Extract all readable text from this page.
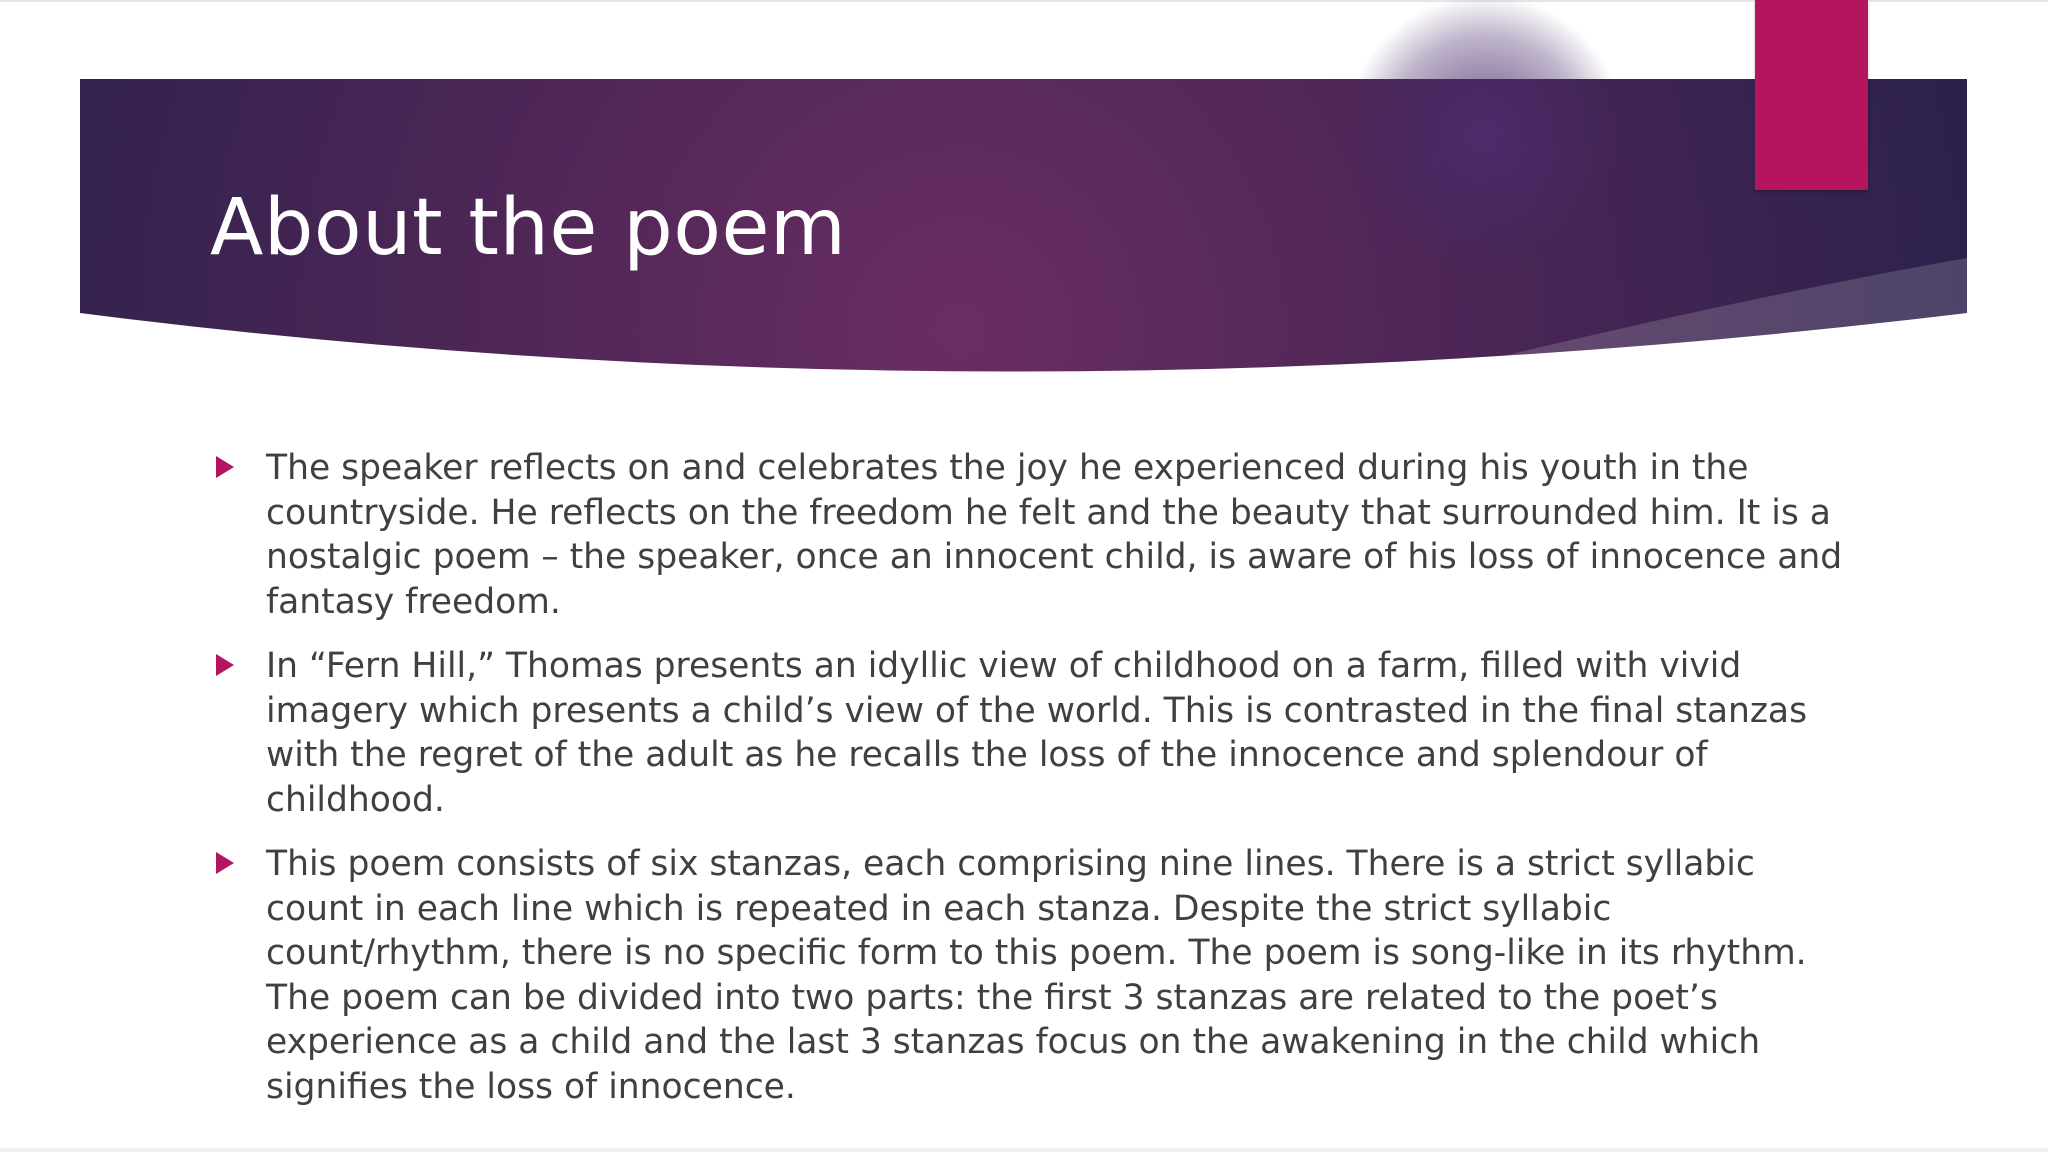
About the poem
The speaker reflects on and celebrates the joy he experienced during his youth in the countryside. He reflects on the freedom he felt and the beauty that surrounded him. It is a nostalgic poem – the speaker, once an innocent child, is aware of his loss of innocence and fantasy freedom.
In “Fern Hill,” Thomas presents an idyllic view of childhood on a farm, filled with vivid imagery which presents a child’s view of the world. This is contrasted in the final stanzas with the regret of the adult as he recalls the loss of the innocence and splendour of childhood.
This poem consists of six stanzas, each comprising nine lines. There is a strict syllabic count in each line which is repeated in each stanza. Despite the strict syllabic count/rhythm, there is no specific form to this poem. The poem is song-like in its rhythm. The poem can be divided into two parts: the first 3 stanzas are related to the poet’s experience as a child and the last 3 stanzas focus on the awakening in the child which signifies the loss of innocence.
